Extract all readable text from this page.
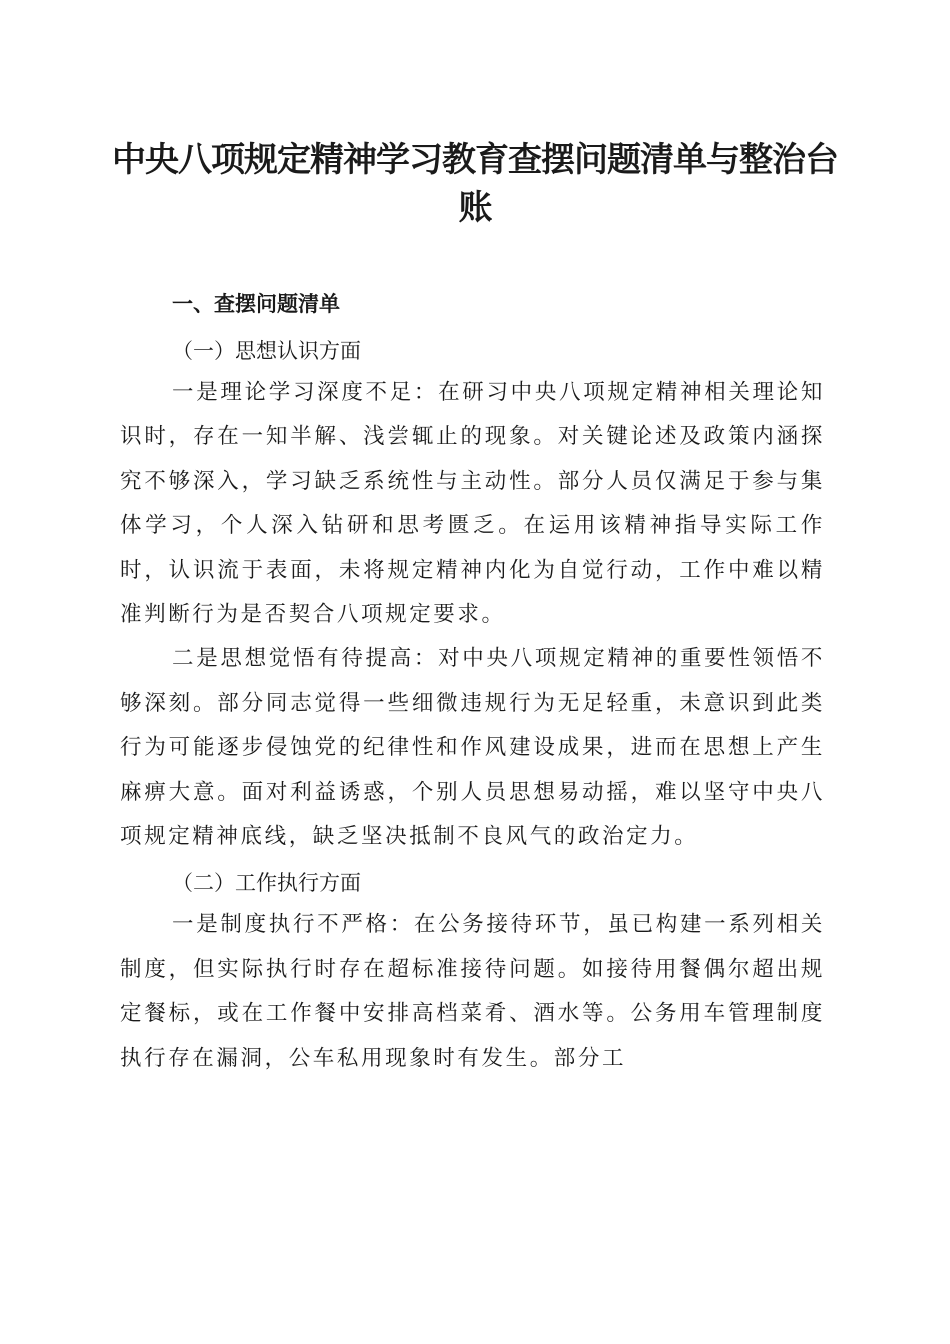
中央八项规定精神学习教育查摆问题清单与整治台账
一、查摆问题清单
（一）思想认识方面

一是理论学习深度不足：在研习中央八项规定精神相关理论知识时，存在一知半解、浅尝辄止的现象。对关键论述及政策内涵探究不够深入，学习缺乏系统性与主动性。部分人员仅满足于参与集体学习，个人深入钻研和思考匮乏。在运用该精神指导实际工作时，认识流于表面，未将规定精神内化为自觉行动，工作中难以精准判断行为是否契合八项规定要求。

二是思想觉悟有待提高：对中央八项规定精神的重要性领悟不够深刻。部分同志觉得一些细微违规行为无足轻重，未意识到此类行为可能逐步侵蚀党的纪律性和作风建设成果，进而在思想上产生麻痹大意。面对利益诱惑，个别人员思想易动摇，难以坚守中央八项规定精神底线，缺乏坚决抵制不良风气的政治定力。

（二）工作执行方面

一是制度执行不严格：在公务接待环节，虽已构建一系列相关制度，但实际执行时存在超标准接待问题。如接待用餐偶尔超出规定餐标，或在工作餐中安排高档菜肴、酒水等。公务用车管理制度执行存在漏洞，公车私用现象时有发生。部分工
